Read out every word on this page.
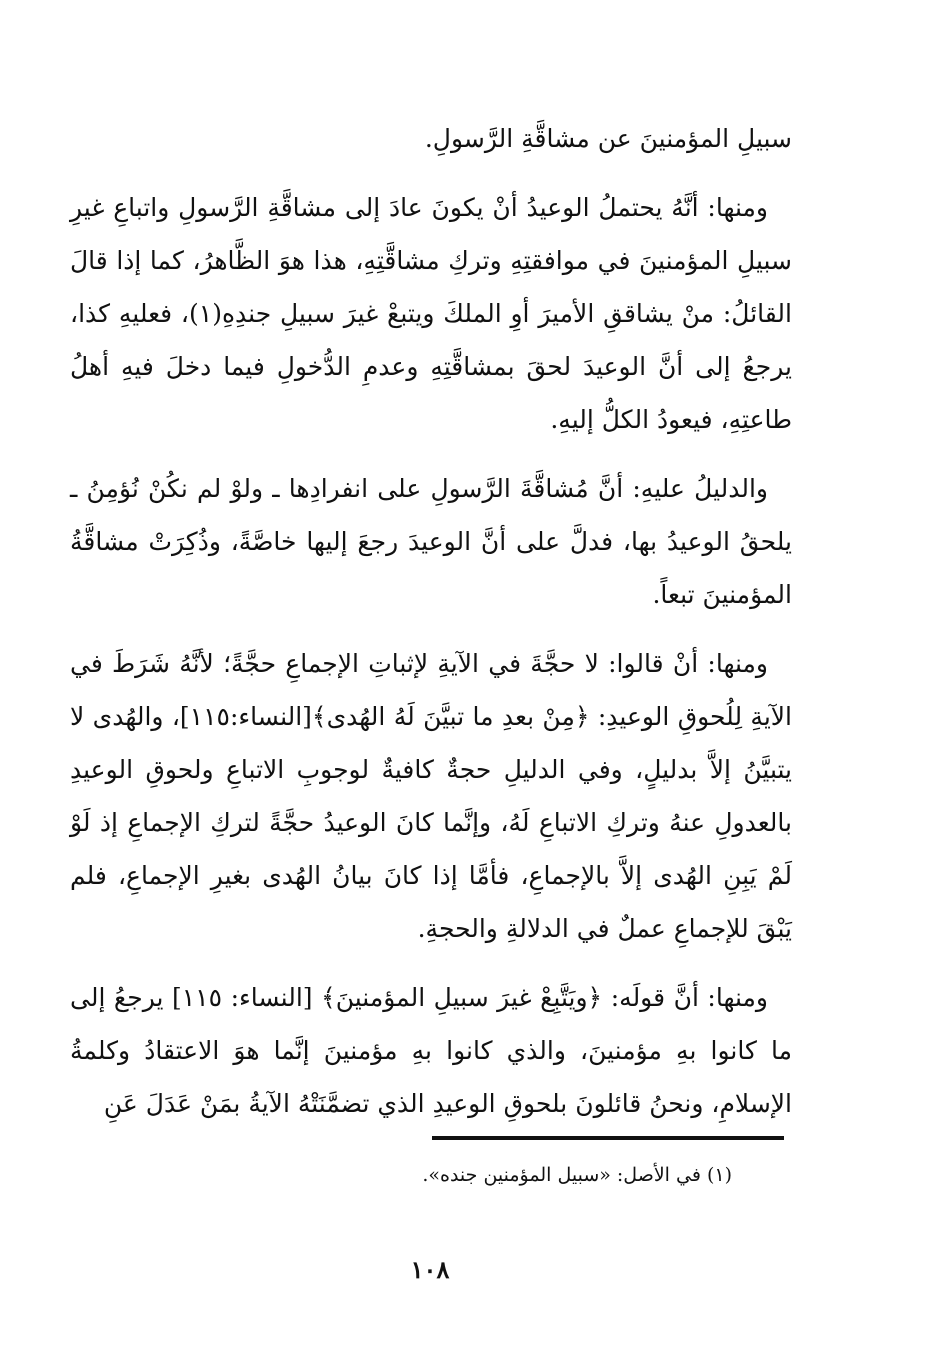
سبيلِ المؤمنينَ عن مشاقَّةِ الرَّسولِ.

ومنها: أنَّهُ يحتملُ الوعيدُ أنْ يكونَ عادَ إلى مشاقَّةِ الرَّسولِ واتباعِ غيرِ سبيلِ المؤمنينَ في موافقتِهِ وتركِ مشاقَّتِهِ، هذا هوَ الظَّاهرُ، كما إذا قالَ القائلُ: منْ يشاققِ الأميرَ أوِ الملكَ ويتبعْ غيرَ سبيلِ جندِهِ(١)، فعليهِ كذا، يرجعُ إلى أنَّ الوعيدَ لحقَ بمشاقَّتِهِ وعدمِ الدُّخولِ فيما دخلَ فيهِ أهلُ طاعتِهِ، فيعودُ الكلُّ إليهِ.

والدليلُ عليهِ: أنَّ مُشاقَّةَ الرَّسولِ على انفرادِها ـ ولوْ لم نكُنْ نُؤمِنُ ـ يلحقُ الوعيدُ بها، فدلَّ على أنَّ الوعيدَ رجعَ إليها خاصَّةً، وذُكِرَتْ مشاقَّةُ المؤمنينَ تبعاً.

ومنها: أنْ قالوا: لا حجَّةَ في الآيةِ لإثباتِ الإجماعِ حجَّةً؛ لأنَّهُ شَرَطَ في الآيةِ لِلُحوقِ الوعيدِ: ﴿مِنْ بعدِ ما تبيَّنَ لَهُ الهُدى﴾[النساء:١١٥]، والهُدى لا يتبيَّنُ إلاَّ بدليلٍ، وفي الدليلِ حجةٌ كافيةٌ لوجوبِ الاتباعِ ولحوقِ الوعيدِ بالعدولِ عنهُ وتركِ الاتباعِ لَهُ، وإنَّما كانَ الوعيدُ حجَّةً لتركِ الإجماعِ إذ لَوْ لَمْ يَبِنِ الهُدى إلاَّ بالإجماعِ، فأمَّا إذا كانَ بيانُ الهُدى بغيرِ الإجماعِ، فلم يَبْقَ للإجماعِ عملٌ في الدلالةِ والحجةِ.

ومنها: أنَّ قولَه: ﴿ويَتَّبِعْ غيرَ سبيلِ المؤمنينَ﴾ [النساء: ١١٥] يرجعُ إلى ما كانوا بهِ مؤمنينَ، والذي كانوا بهِ مؤمنينَ إنَّما هوَ الاعتقادُ وكلمةُ الإسلامِ، ونحنُ قائلونَ بلحوقِ الوعيدِ الذي تضمَّنَتْهُ الآيةُ بمَنْ عَدَلَ عَنِ

(١) في الأصل: «سبيل المؤمنين جنده».
١٠٨
